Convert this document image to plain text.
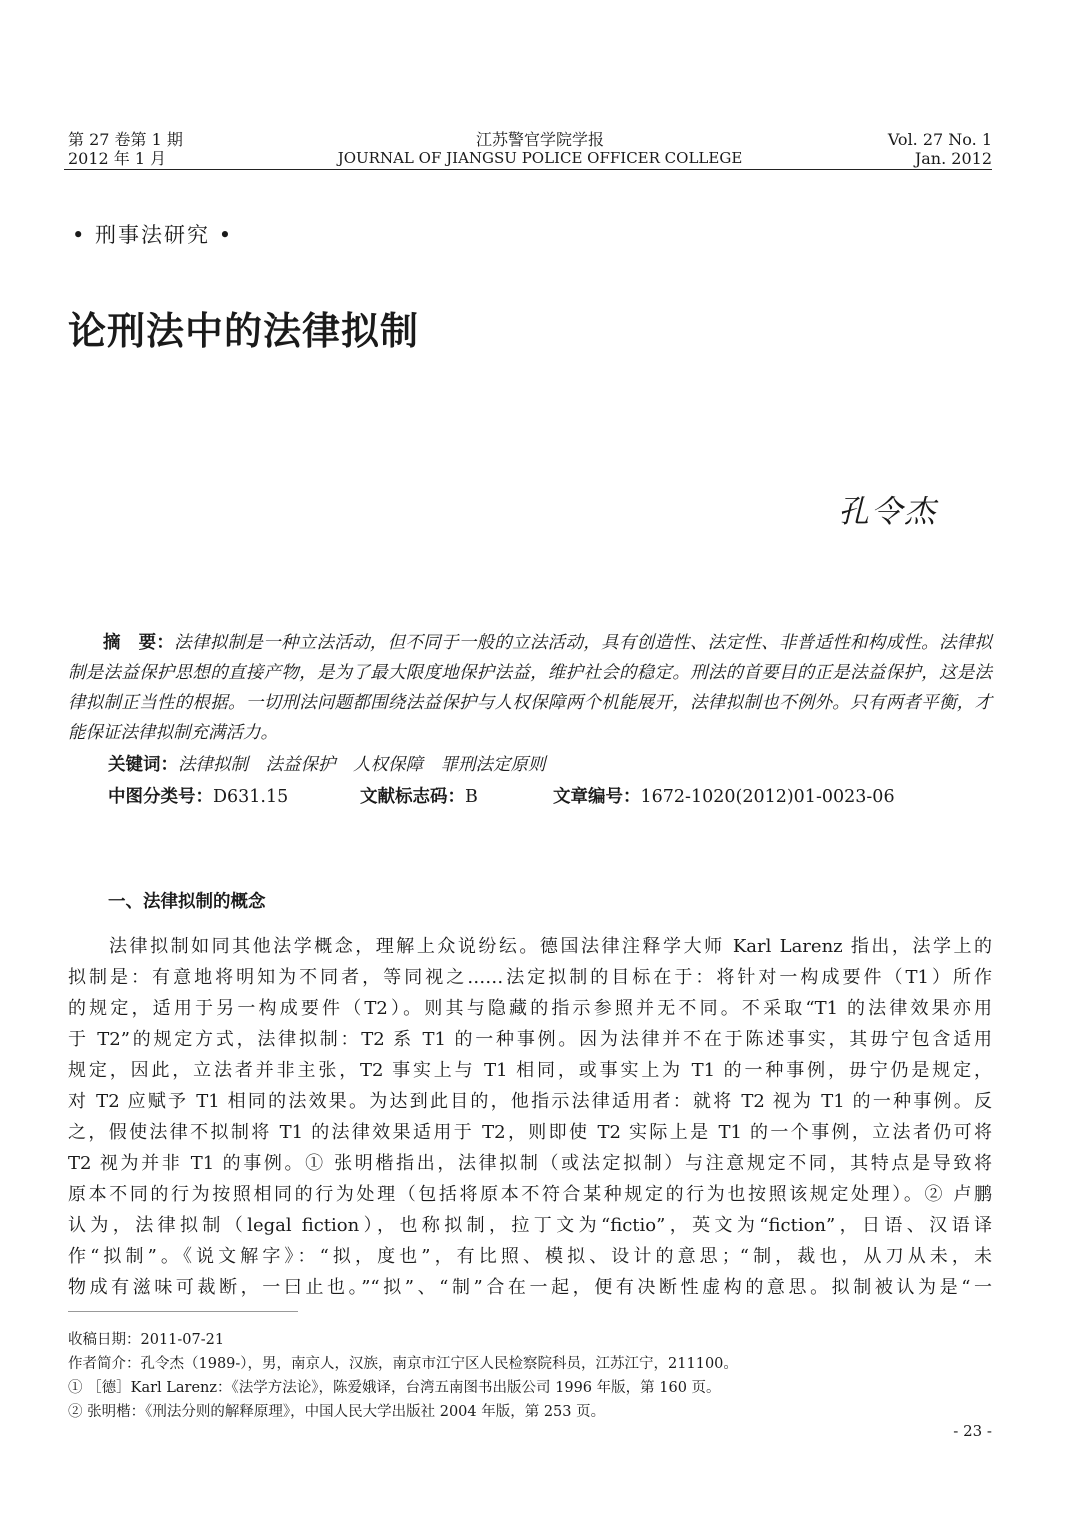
第 27 卷第 1 期
2012 年 1 月
江苏警官学院学报
JOURNAL OF JIANGSU POLICE OFFICER COLLEGE
Vol. 27 No. 1
Jan. 2012
• 刑事法研究 •
论刑法中的法律拟制
孔令杰
摘　要：法律拟制是一种立法活动，但不同于一般的立法活动，具有创造性、法定性、非普适性和构成性。法律拟制是法益保护思想的直接产物，是为了最大限度地保护法益，维护社会的稳定。刑法的首要目的正是法益保护，这是法律拟制正当性的根据。一切刑法问题都围绕法益保护与人权保障两个机能展开，法律拟制也不例外。只有两者平衡，才能保证法律拟制充满活力。
关键词：法律拟制　法益保护　人权保障　罪刑法定原则
中图分类号：D631.15	文献标志码：B	文章编号：1672-1020(2012)01-0023-06
一、法律拟制的概念
　　法律拟制如同其他法学概念，理解上众说纷纭。德国法律注释学大师 Karl Larenz 指出，法学上的
拟制是：有意地将明知为不同者，等同视之……法定拟制的目标在于：将针对一构成要件（T1）所作
的规定，适用于另一构成要件（T2）。则其与隐藏的指示参照并无不同。不采取“T1 的法律效果亦用
于 T2”的规定方式，法律拟制：T2 系 T1 的一种事例。因为法律并不在于陈述事实，其毋宁包含适用
规定，因此，立法者并非主张，T2 事实上与 T1 相同，或事实上为 T1 的一种事例，毋宁仍是规定，
对 T2 应赋予 T1 相同的法效果。为达到此目的，他指示法律适用者：就将 T2 视为 T1 的一种事例。反
之，假使法律不拟制将 T1 的法律效果适用于 T2，则即使 T2 实际上是 T1 的一个事例，立法者仍可将
T2 视为并非 T1 的事例。① 张明楷指出，法律拟制（或法定拟制）与注意规定不同，其特点是导致将
原本不同的行为按照相同的行为处理（包括将原本不符合某种规定的行为也按照该规定处理）。② 卢鹏
认为，法律拟制（legal fiction），也称拟制，拉丁文为“fictio”，英文为“fiction”，日语、汉语译
作“拟制”。《说文解字》：“拟，度也”，有比照、模拟、设计的意思；“制，裁也，从刀从未，未
物成有滋味可裁断，一曰止也。”“拟”、“制”合在一起，便有决断性虚构的意思。拟制被认为是“一
收稿日期：2011-07-21
作者简介：孔令杰（1989-），男，南京人，汉族，南京市江宁区人民检察院科员，江苏江宁，211100。
① ［德］Karl Larenz：《法学方法论》，陈爱娥译，台湾五南图书出版公司 1996 年版，第 160 页。
② 张明楷：《刑法分则的解释原理》，中国人民大学出版社 2004 年版，第 253 页。
- 23 -
